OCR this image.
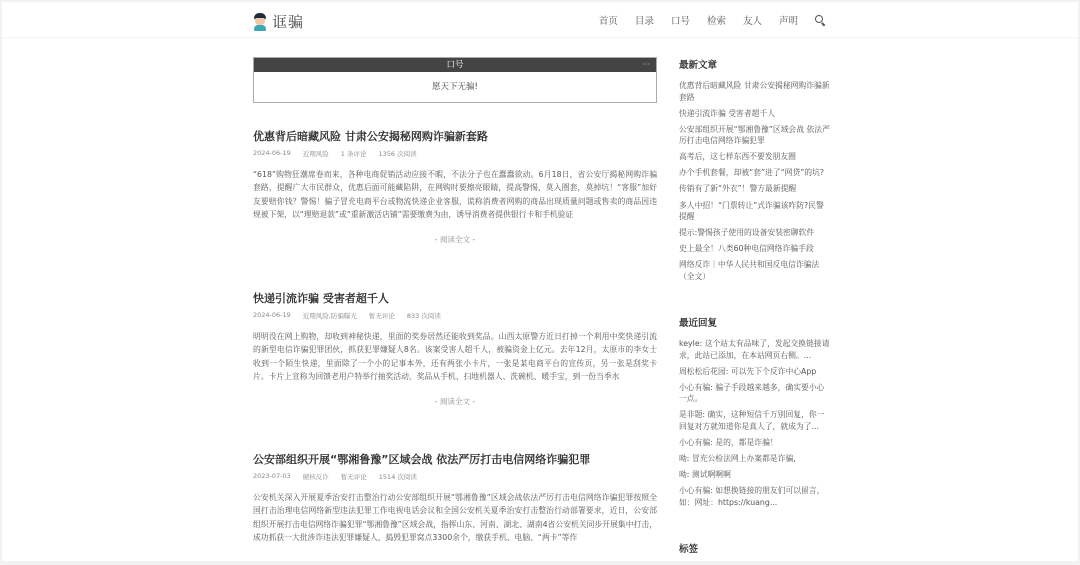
诓骗	首页 目录 口号 检索 友人 声明
口号	···
愿天下无骗!
优惠背后暗藏风险 甘肃公安揭秘网购诈骗新套路
2024-06-19 近期风险 1 条评论 1356 次阅读
“618”购物狂潮席卷而来，各种电商促销活动应接不暇，不法分子也在蠢蠢欲动。6月18日，省公安厅揭秘网购诈骗套路，提醒广大市民群众，优惠后面可能藏陷阱，在网购时要擦亮眼睛，提高警惕，莫入圈套，莫掉坑！“客服”加好友要赔你钱？警惕！骗子冒充电商平台或物流快递企业客服，谎称消费者网购的商品出现质量问题或售卖的商品因违规被下架，以“理赔退款”或“重新激活店铺”需要缴费为由，诱导消费者提供银行卡和手机验证
- 阅读全文 -
快递引流诈骗 受害者超千人
2024-06-19 近期风险,防骗曝光 暂无评论 833 次阅读
明明没在网上购物，却收到神秘快递，里面的奖券居然还能收到奖品。山西太原警方近日打掉一个利用中奖快递引流的新型电信诈骗犯罪团伙，抓获犯罪嫌疑人8名。该案受害人超千人，被骗资金上亿元。去年12月，太原市的李女士收到一个陌生快递，里面除了一个小的记事本外，还有两张小卡片，一张是某电商平台的宣传页，另一张是刮奖卡片。卡片上宣称为回馈老用户特举行抽奖活动，奖品从手机、扫地机器人、洗碗机、暖手宝，到一份当季水
- 阅读全文 -
公安部组织开展“鄂湘鲁豫”区域会战 依法严厉打击电信网络诈骗犯罪
2023-07-03 硬核反诈 暂无评论 1514 次阅读
公安机关深入开展夏季治安打击整治行动公安部组织开展“鄂湘鲁豫”区域会战依法严厉打击电信网络诈骗犯罪按照全国打击治理电信网络新型违法犯罪工作电视电话会议和全国公安机关夏季治安打击整治行动部署要求，近日，公安部组织开展打击电信网络诈骗犯罪“鄂湘鲁豫”区域会战，指挥山东、河南、湖北、湖南4省公安机关同步开展集中打击，成功抓获一大批涉诈违法犯罪嫌疑人，捣毁犯罪窝点3300余个，缴获手机、电脑、“两卡”等作
最新文章
优惠背后暗藏风险 甘肃公安揭秘网购诈骗新套路
快递引流诈骗 受害者超千人
公安部组织开展“鄂湘鲁豫”区域会战 依法严厉打击电信网络诈骗犯罪
高考后，这七样东西不要发朋友圈
办个手机套餐，却被“套”进了“网贷”的坑?
传销有了新“外衣”！警方最新提醒
多人中招！“门票转让”式诈骗该咋防?民警提醒
提示:警惕孩子使用的设备安装密聊软件
史上最全！八类60种电信网络诈骗手段
网络反诈｜中华人民共和国反电信诈骗法（全文）
最近回复
keyle: 这个站太有品味了，发起交换链接请求，此站已添加，在本站网页右侧。...
周松松后花园: 可以先下个反诈中心App
小心有骗: 骗子手段越来越多，确实要小心一点。
是非题: 确实，这种短信千万别回复，你一回复对方就知道你是真人了，就成为了...
小心有骗: 是的，都是诈骗！
呦: 冒充公检法网上办案都是诈骗,
呦: 测试啊啊啊
小心有骗: 如想换链接的朋友们可以留言，如：网址：https://kuang...
标签
